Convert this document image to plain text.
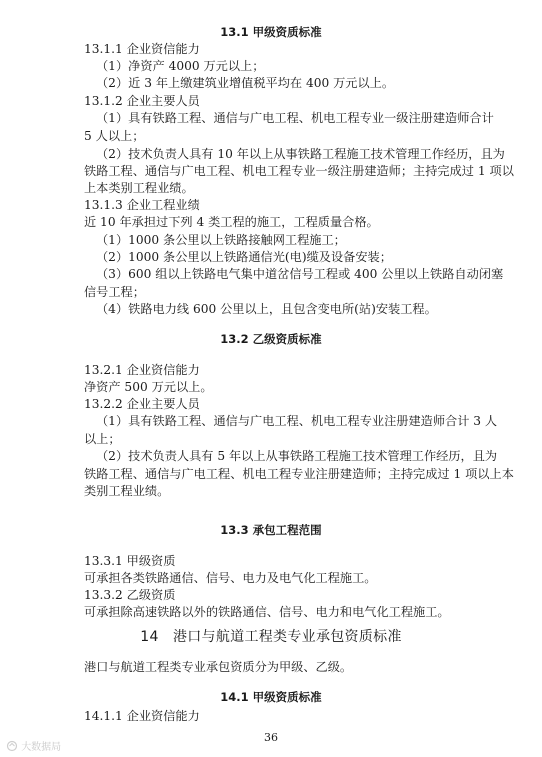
13.1 甲级资质标准
13.1.1 企业资信能力
（1）净资产 4000 万元以上；
（2）近 3 年上缴建筑业增值税平均在 400 万元以上。
13.1.2 企业主要人员
（1）具有铁路工程、通信与广电工程、机电工程专业一级注册建造师合计
5 人以上；
（2）技术负责人具有 10 年以上从事铁路工程施工技术管理工作经历，且为
铁路工程、通信与广电工程、机电工程专业一级注册建造师；主持完成过 1 项以
上本类别工程业绩。
13.1.3 企业工程业绩
近 10 年承担过下列 4 类工程的施工，工程质量合格。
（1）1000 条公里以上铁路接触网工程施工；
（2）1000 条公里以上铁路通信光(电)缆及设备安装；
（3）600 组以上铁路电气集中道岔信号工程或 400 公里以上铁路自动闭塞
信号工程；
（4）铁路电力线 600 公里以上，且包含变电所(站)安装工程。
13.2 乙级资质标准
13.2.1 企业资信能力
净资产 500 万元以上。
13.2.2 企业主要人员
（1）具有铁路工程、通信与广电工程、机电工程专业注册建造师合计 3 人
以上；
（2）技术负责人具有 5 年以上从事铁路工程施工技术管理工作经历，且为
铁路工程、通信与广电工程、机电工程专业注册建造师；主持完成过 1 项以上本
类别工程业绩。
13.3 承包工程范围
13.3.1 甲级资质
可承担各类铁路通信、信号、电力及电气化工程施工。
13.3.2 乙级资质
可承担除高速铁路以外的铁路通信、信号、电力和电气化工程施工。
14　港口与航道工程类专业承包资质标准
港口与航道工程类专业承包资质分为甲级、乙级。
14.1 甲级资质标准
14.1.1 企业资信能力
36
大数据局
